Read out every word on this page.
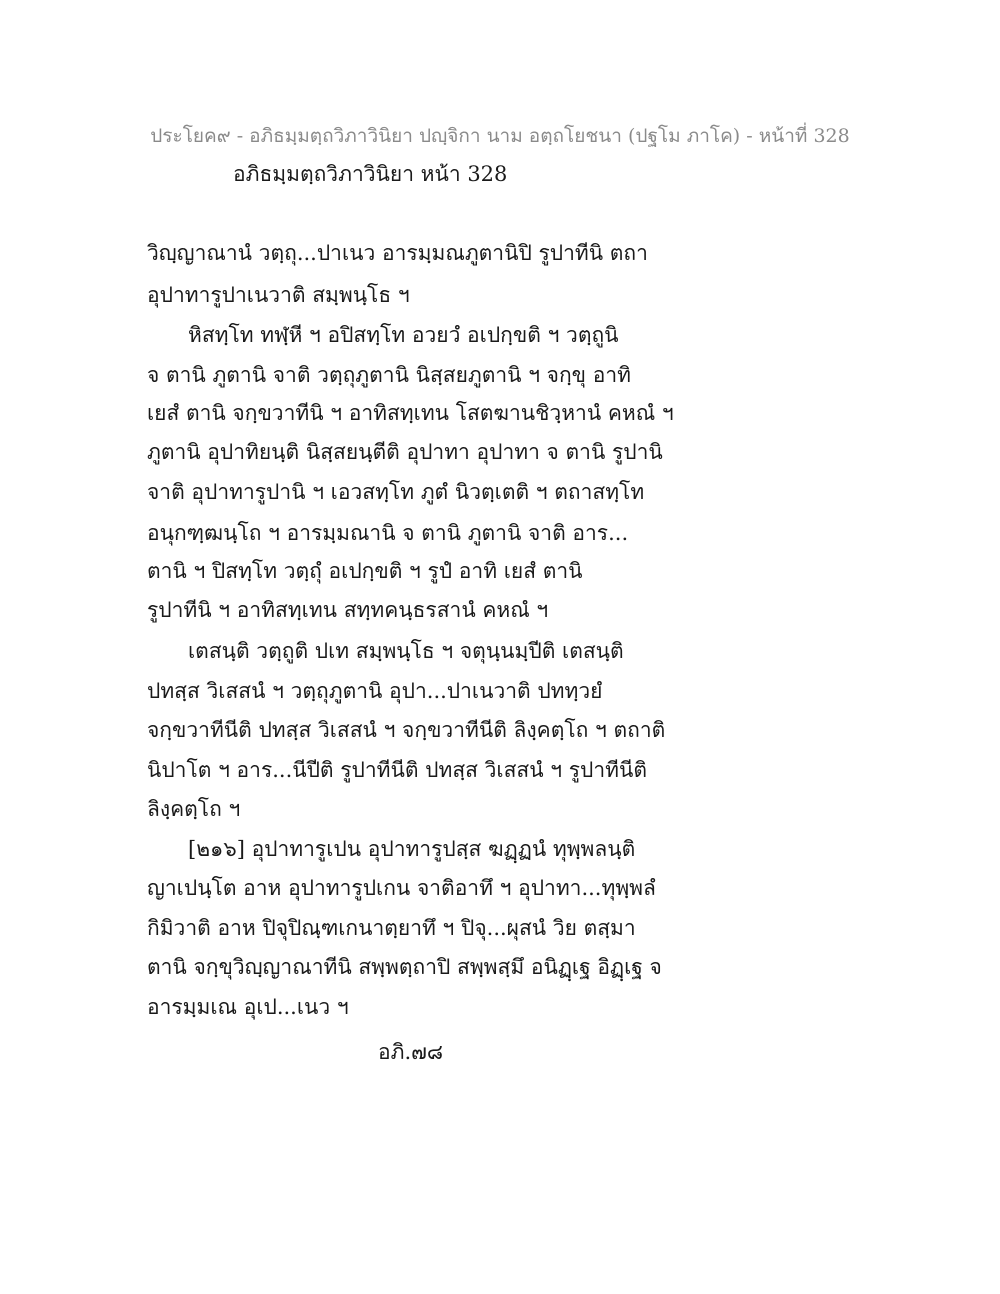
ประโยค๙ - อภิธมฺมตฺถวิภาวินิยา ปญฺจิกา นาม อตฺถโยชนา (ปฐโม ภาโค) - หน้าที่ 328
อภิธมฺมตฺถวิภาวินิยา หน้า 328
วิญฺญาณานํ วตฺถุ...ปาเนว อารมฺมณภูตานิปิ รูปาทีนิ ตถา
อุปาทารูปาเนวาติ สมฺพนฺโธ ฯ
หิสทฺโท ทฬฺหี ฯ อปิสทฺโท อวยวํ อเปกฺขติ ฯ วตฺถูนิ
จ ตานิ ภูตานิ จาติ วตฺถุภูตานิ นิสฺสยภูตานิ ฯ จกฺขุ อาทิ
เยสํ ตานิ จกฺขวาทีนิ ฯ อาทิสทฺเทน โสตฆานชิวฺหานํ คหณํ ฯ
ภูตานิ อุปาทิยนฺติ นิสฺสยนฺตีติ อุปาทา อุปาทา จ ตานิ รูปานิ
จาติ อุปาทารูปานิ ฯ เอวสทฺโท ภูตํ นิวตฺเตติ ฯ ตถาสทฺโท
อนุกฑฺฒนฺโถ ฯ อารมฺมณานิ จ ตานิ ภูตานิ จาติ อาร...
ตานิ ฯ ปิสทฺโท วตฺถุํ อเปกฺขติ ฯ รูปํ อาทิ เยสํ ตานิ
รูปาทีนิ ฯ อาทิสทฺเทน สทฺทคนฺธรสานํ คหณํ ฯ
เตสนฺติ วตฺถูติ ปเท สมฺพนฺโธ ฯ จตุนฺนมฺปีติ เตสนฺติ
ปทสฺส วิเสสนํ ฯ วตฺถุภูตานิ อุปา...ปาเนวาติ ปททฺวยํ
จกฺขวาทีนีติ ปทสฺส วิเสสนํ ฯ จกฺขวาทีนีติ ลิงฺคตฺโถ ฯ ตถาติ
นิปาโต ฯ อาร...นีปีติ รูปาทีนีติ ปทสฺส วิเสสนํ ฯ รูปาทีนีติ
ลิงฺคตฺโถ ฯ
[๒๑๖] อุปาทารูเปน อุปาทารูปสฺส ฆฏฺฏนํ ทุพฺพลนฺติ
ญาเปนฺโต อาห อุปาทารูปเกน จาติอาทึ ฯ อุปาทา...ทุพฺพลํ
กิมิวาติ อาห ปิจุปิณฺฑเกนาตฺยาทึ ฯ ปิจุ...ผุสนํ วิย ตสฺมา
ตานิ จกฺขุวิญฺญาณาทีนิ สพฺพตฺถาปิ สพฺพสฺมึ อนิฏฺเฐ อิฏฺเฐ จ
อารมฺมเณ อุเป...เนว ฯ
อภิ.๗๘
